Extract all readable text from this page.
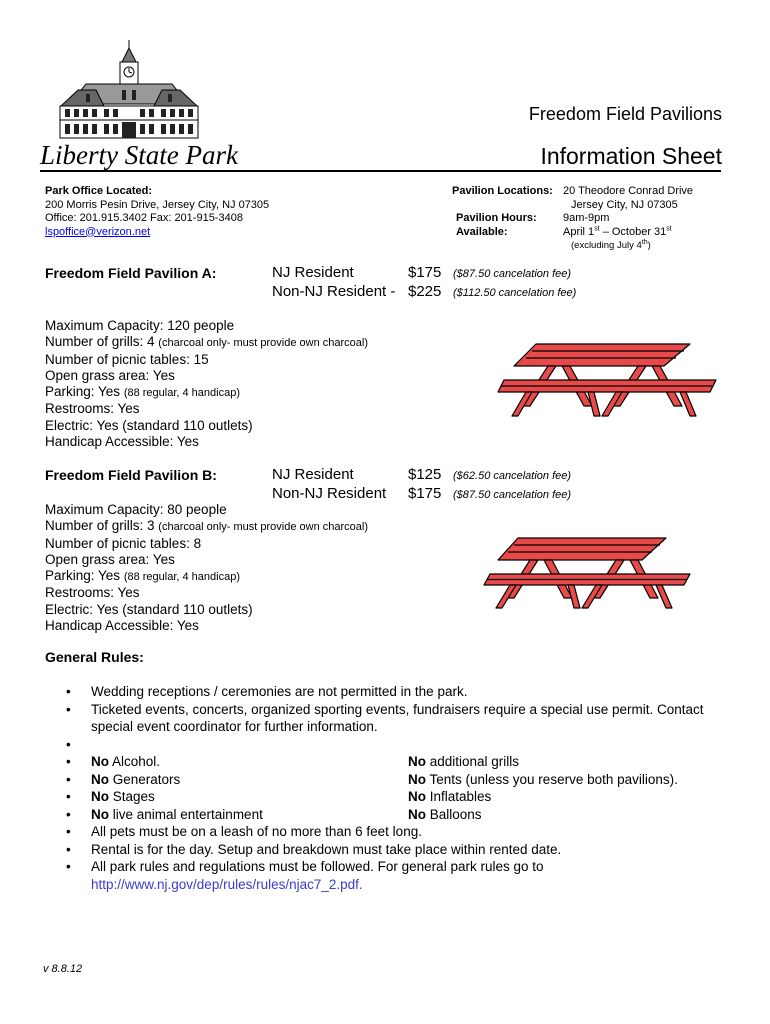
Liberty State Park
Freedom Field Pavilions
Information Sheet
Park Office Located:
200 Morris Pesin Drive, Jersey City, NJ 07305
Office: 201.915.3402 Fax: 201-915-3408
lspoffice@verizon.net
Pavilion Locations: 20 Theodore Conrad Drive
Jersey City, NJ 07305
Pavilion Hours: 9am-9pm
Available:	April 1st – October 31st
(excluding July 4th)
Freedom Field Pavilion A:	NJ Resident	$175 ($87.50 cancelation fee)
Non-NJ Resident - $225 ($112.50 cancelation fee)
Maximum Capacity: 120 people
Number of grills: 4 (charcoal only- must provide own charcoal)
Number of picnic tables: 15
Open grass area: Yes
Parking: Yes (88 regular, 4 handicap)
Restrooms: Yes
Electric: Yes (standard 110 outlets)
Handicap Accessible: Yes
Freedom Field Pavilion B:	NJ Resident	$125 ($62.50 cancelation fee)
Non-NJ Resident $175 ($87.50 cancelation fee)
Maximum Capacity: 80 people
Number of grills: 3 (charcoal only- must provide own charcoal)
Number of picnic tables: 8
Open grass area: Yes
Parking: Yes (88 regular, 4 handicap)
Restrooms: Yes
Electric: Yes (standard 110 outlets)
Handicap Accessible: Yes
General Rules:
• Wedding receptions / ceremonies are not permitted in the park.
• Ticketed events, concerts, organized sporting events, fundraisers require a special use permit. Contact special event coordinator for further information.
•
• No Alcohol.	No additional grills
• No Generators	No Tents (unless you reserve both pavilions).
• No Stages	No Inflatables
• No live animal entertainment	No Balloons
• All pets must be on a leash of no more than 6 feet long.
• Rental is for the day. Setup and breakdown must take place within rented date.
• All park rules and regulations must be followed. For general park rules go to
http://www.nj.gov/dep/rules/rules/njac7_2.pdf.
v 8.8.12
